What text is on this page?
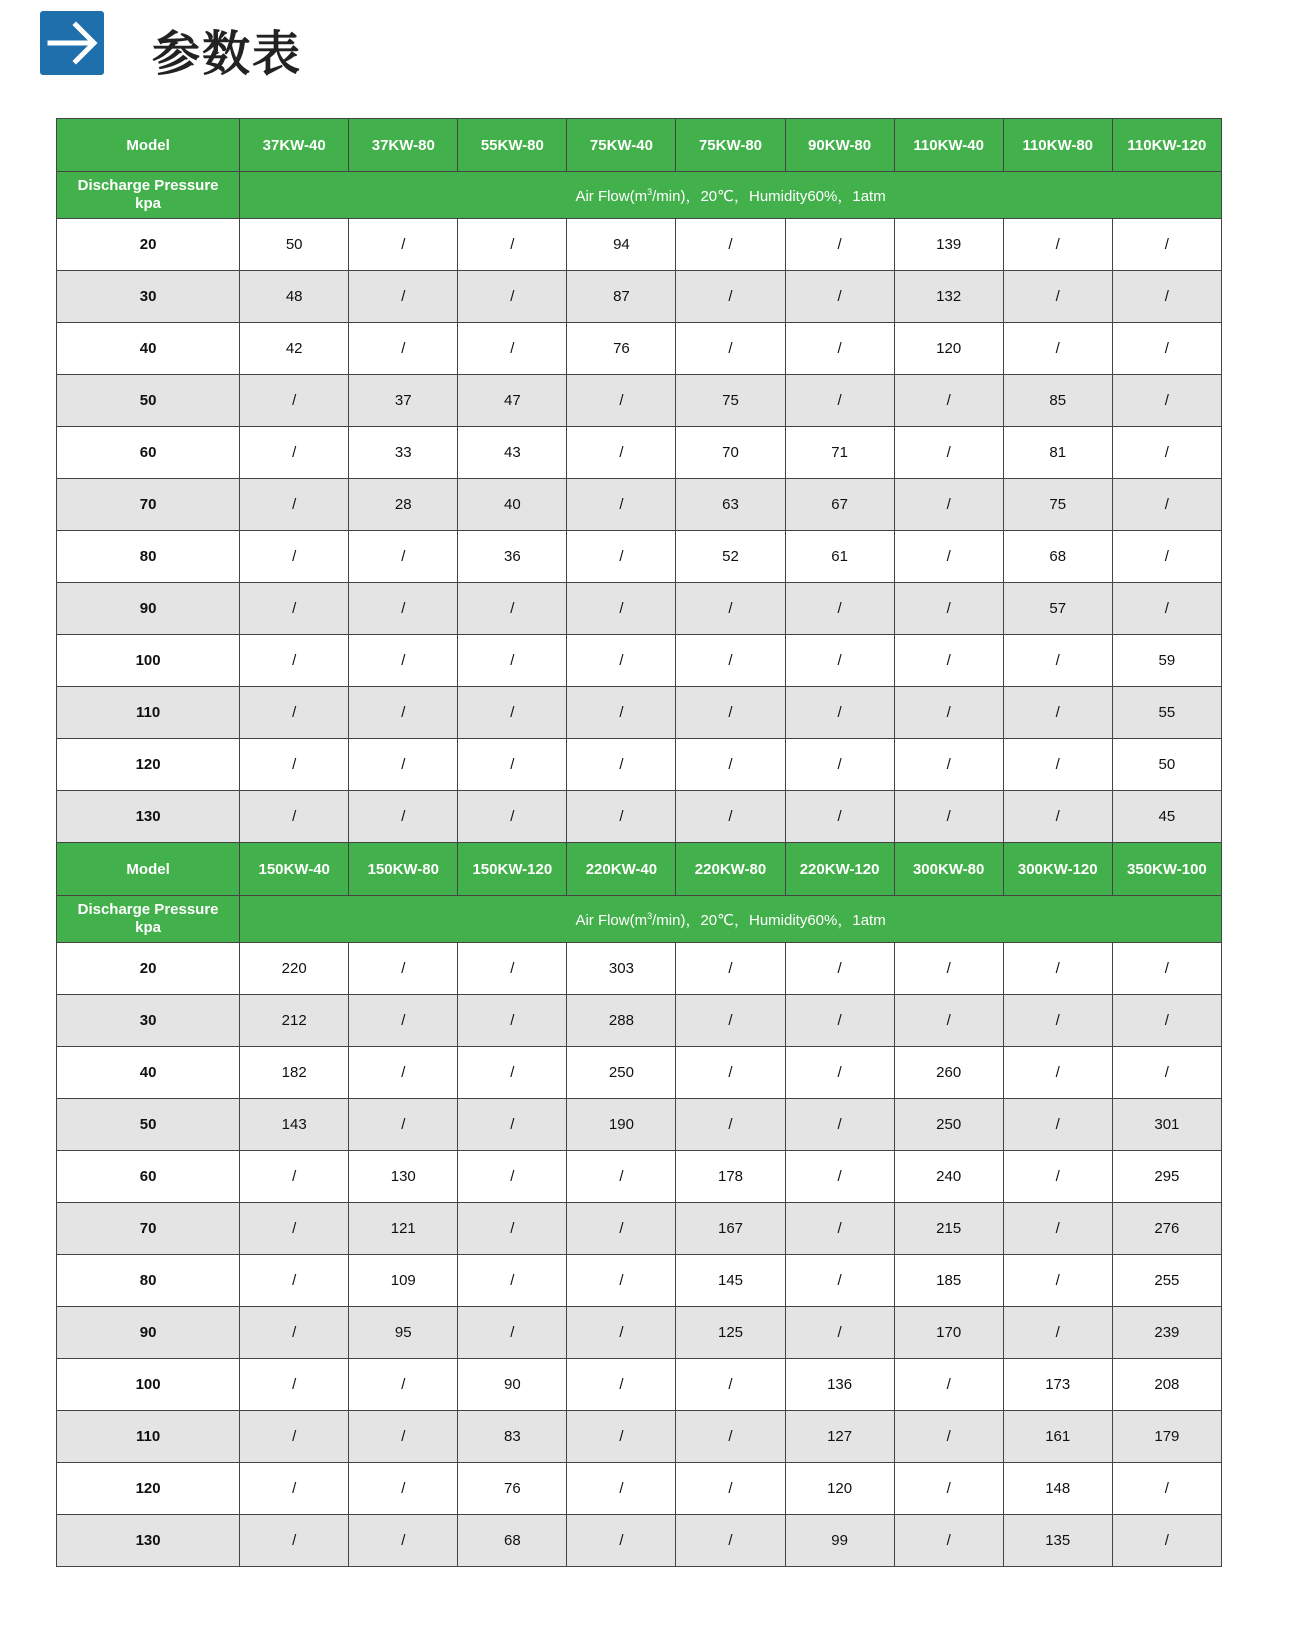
参数表
Model	37KW-40	37KW-80	55KW-80	75KW-40	75KW-80	90KW-80	110KW-40	110KW-80	110KW-120
Discharge Pressure
kpa	Air $Flow(m^3/\min)$，20℃，Humidity60%，1atm								
20	50	/	/	94	/	/	139	/	/
30	48	/	/	87	/	/	132	/	/
40	42	/	/	76	/	/	120	/	/
50	/	37	47	/	75	/	/	85	/
60	/	33	43	/	70	71	/	81	/
70	/	28	40	/	63	67	/	75	/
80	/	/	36	/	52	61	/	68	/
90	/	/	/	/	/	/	/	57	/
100	/	/	/	/	/	/	/	/	59
110	/	/	/	/	/	/	/	/	55
120	/	/	/	/	/	/	/	/	50
130	/	/	/	/	/	/	/	/	45
Model	150KW-40	150KW-80	150KW-120	220KW-40	220KW-80	220KW-120	300KW-80	300KW-120	350KW-100
Discharge Pressure
kpa	Air $Flow(m^3/\min)$，20℃，Humidity60%，1atm								
20	220	/	/	303	/	/	/	/	/
30	212	/	/	288	/	/	/	/	/
40	182	/	/	250	/	/	260	/	/
50	143	/	/	190	/	/	250	/	301
60	/	130	/	/	178	/	240	/	295
70	/	121	/	/	167	/	215	/	276
80	/	109	/	/	145	/	185	/	255
90	/	95	/	/	125	/	170	/	239
100	/	/	90	/	/	136	/	173	208
110	/	/	83	/	/	127	/	161	179
120	/	/	76	/	/	120	/	148	/
130	/	/	68	/	/	99	/	135	/
